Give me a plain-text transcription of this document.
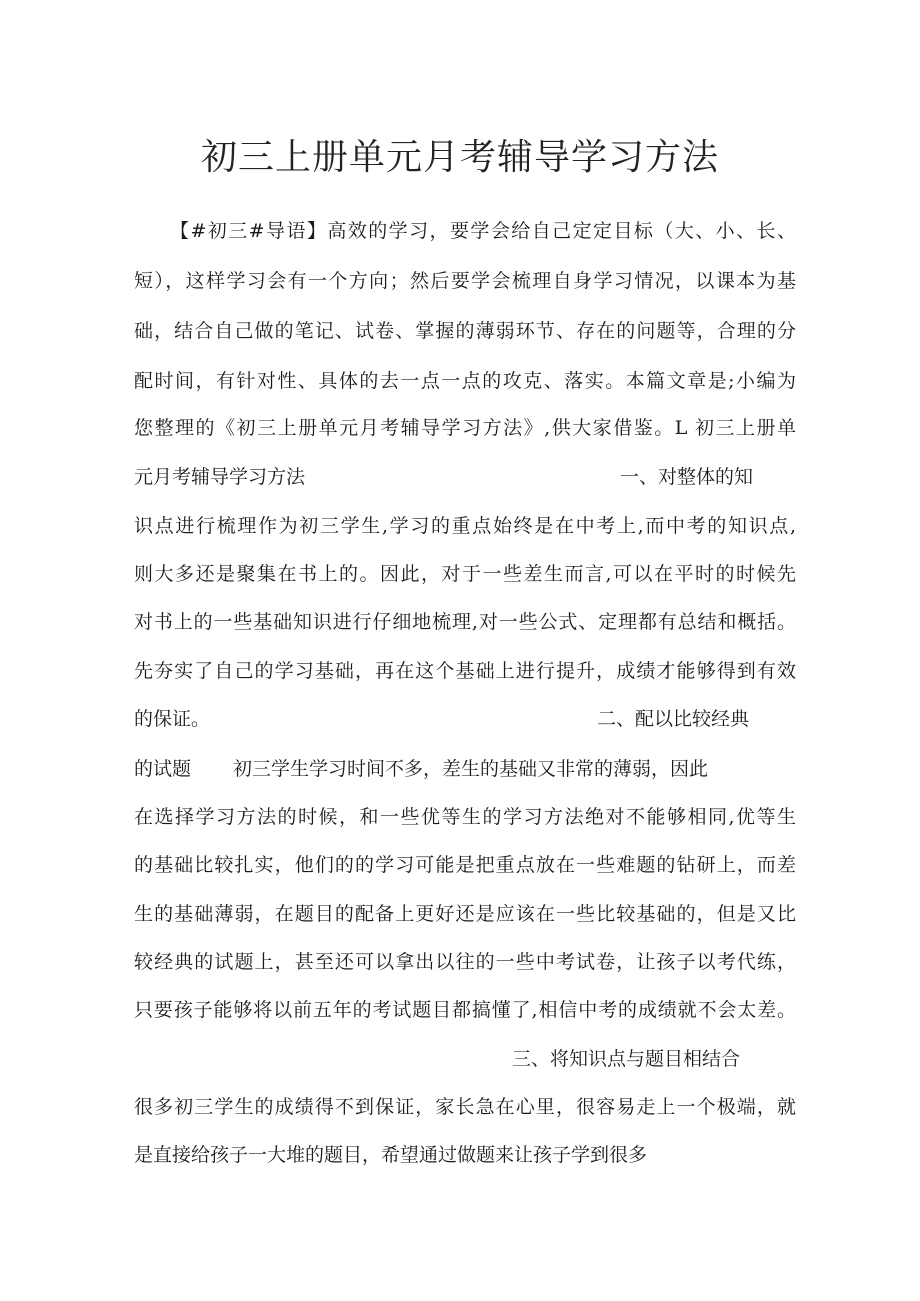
初三上册单元月考辅导学习方法
【#初三#导语】高效的学习，要学会给自己定定目标（大、小、长、
短），这样学习会有一个方向；然后要学会梳理自身学习情况，以课本为基
础，结合自己做的笔记、试卷、掌握的薄弱环节、存在的问题等，合理的分
配时间，有针对性、具体的去一点一点的攻克、落实。本篇文章是;小编为
您整理的《初三上册单元月考辅导学习方法》,供大家借鉴。L 初三上册单
元月考辅导学习方法	一、对整体的知
识点进行梳理作为初三学生,学习的重点始终是在中考上,而中考的知识点,
则大多还是聚集在书上的。因此，对于一些差生而言,可以在平时的时候先
对书上的一些基础知识进行仔细地梳理,对一些公式、定理都有总结和概括。
先夯实了自己的学习基础，再在这个基础上进行提升，成绩才能够得到有效
的保证。	二、配以比较经典
的试题 初三学生学习时间不多，差生的基础又非常的薄弱，因此
在选择学习方法的时候，和一些优等生的学习方法绝对不能够相同,优等生
的基础比较扎实，他们的的学习可能是把重点放在一些难题的钻研上，而差
生的基础薄弱，在题目的配备上更好还是应该在一些比较基础的，但是又比
较经典的试题上，甚至还可以拿出以往的一些中考试卷，让孩子以考代练，
只要孩子能够将以前五年的考试题目都搞懂了,相信中考的成绩就不会太差。
三、将知识点与题目相结合
很多初三学生的成绩得不到保证，家长急在心里，很容易走上一个极端，就
是直接给孩子一大堆的题目，希望通过做题来让孩子学到很多
